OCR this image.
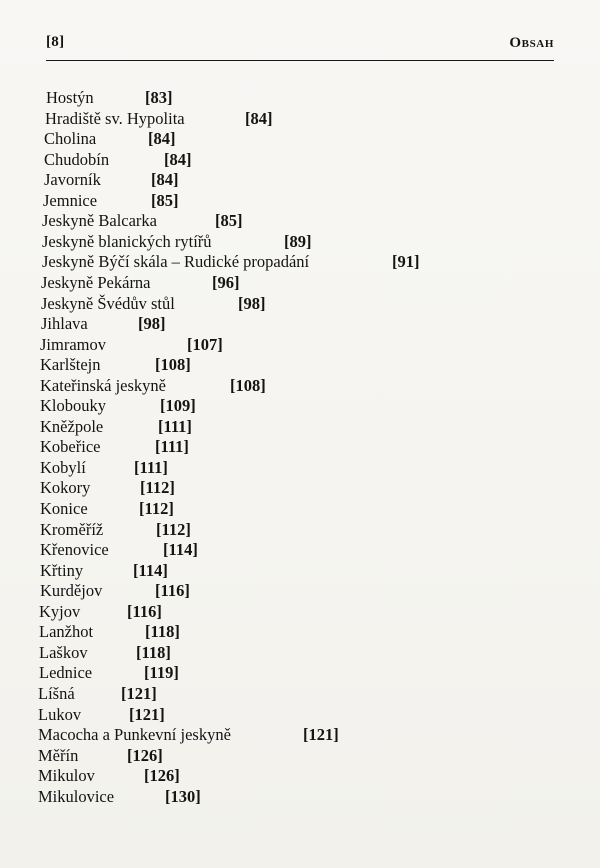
[8]	Obsah
Hostýn	[83]
Hradiště sv. Hypolita	[84]
Cholina	[84]
Chudobín	[84]
Javorník	[84]
Jemnice	[85]
Jeskyně Balcarka	[85]
Jeskyně blanických rytířů	[89]
Jeskyně Býčí skála – Rudické propadání	[91]
Jeskyně Pekárna	[96]
Jeskyně Švédův stůl	[98]
Jihlava	[98]
Jimramov	[107]
Karlštejn	[108]
Kateřinská jeskyně	[108]
Klobouky	[109]
Kněžpole	[111]
Kobeřice	[111]
Kobylí	[111]
Kokory	[112]
Konice	[112]
Kroměříž	[112]
Křenovice	[114]
Křtiny	[114]
Kurdějov	[116]
Kyjov	[116]
Lanžhot	[118]
Laškov	[118]
Lednice	[119]
Líšná	[121]
Lukov	[121]
Macocha a Punkevní jeskyně	[121]
Měřín	[126]
Mikulov	[126]
Mikulovice	[130]
